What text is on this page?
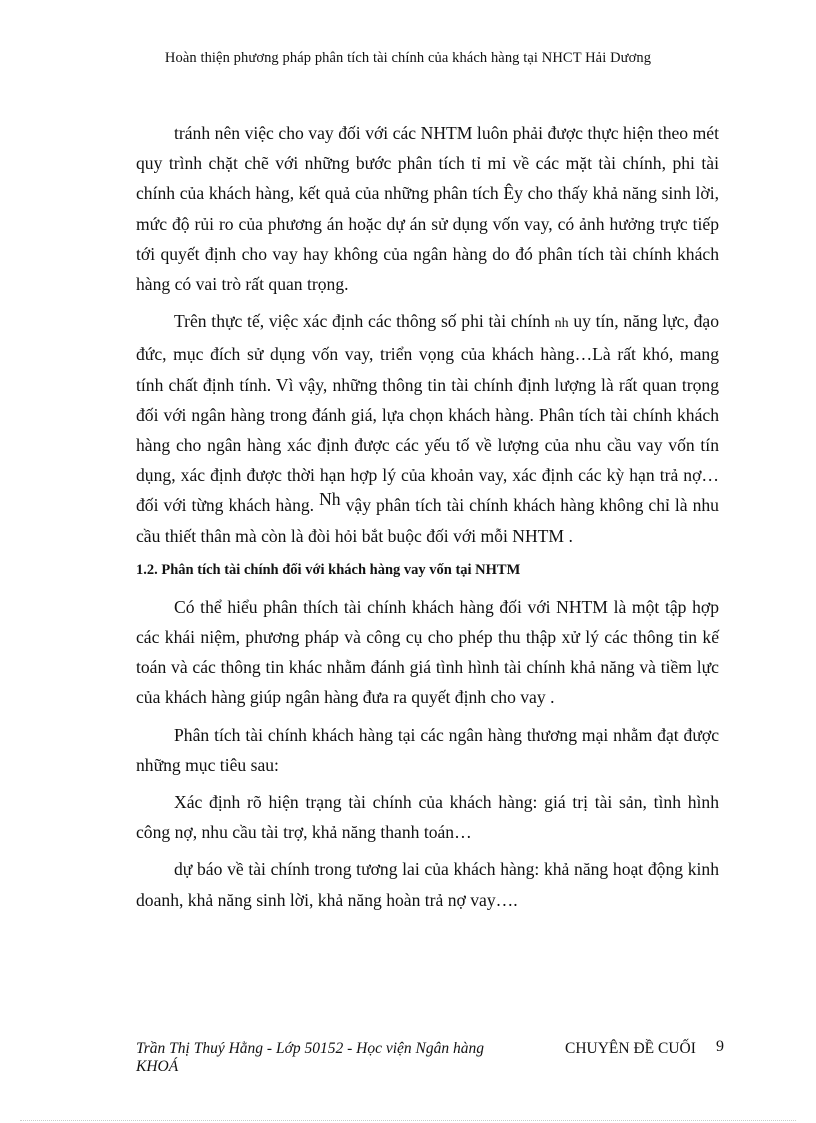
Hoàn thiện phương pháp phân tích tài chính của khách hàng tại NHCT Hải Dương

tránh nên việc cho vay đối với các NHTM luôn phải được thực hiện theo mét quy trình chặt chẽ với những bước phân tích tỉ mỉ về các mặt tài chính, phi tài chính của khách hàng, kết quả của những phân tích Êy cho thấy khả năng sinh lời, mức độ rủi ro của phương án hoặc dự án sử dụng vốn vay, có ảnh hưởng trực tiếp tới quyết định cho vay hay không của ngân hàng do đó phân tích tài chính khách hàng có vai trò rất quan trọng.

Trên thực tế, việc xác định các thông số phi tài chính nh uy tín, năng lực, đạo đức, mục đích sử dụng vốn vay, triển vọng của khách hàng…Là rất khó, mang tính chất định tính. Vì vậy, những thông tin tài chính định lượng là rất quan trọng đối với ngân hàng trong đánh giá, lựa chọn khách hàng. Phân tích tài chính khách hàng cho ngân hàng xác định được các yếu tố về lượng của nhu cầu vay vốn tín dụng, xác định được thời hạn hợp lý của khoản vay, xác định các kỳ hạn trả nợ… đối với từng khách hàng. Nh vậy phân tích tài chính khách hàng không chỉ là nhu cầu thiết thân mà còn là đòi hỏi bắt buộc đối với mỗi NHTM .

1.2. Phân tích tài chính đối với khách hàng vay vốn tại NHTM

Có thể hiểu phân thích tài chính khách hàng đối với NHTM là một tập hợp các khái niệm, phương pháp và công cụ cho phép thu thập xử lý các thông tin kế toán và các thông tin khác nhằm đánh giá tình hình tài chính khả năng và tiềm lực của khách hàng giúp ngân hàng đưa ra quyết định cho vay .

Phân tích tài chính khách hàng tại các ngân hàng thương mại nhằm đạt được những mục tiêu sau:

Xác định rõ hiện trạng tài chính của khách hàng: giá trị tài sản, tình hình công nợ, nhu cầu tài trợ, khả năng thanh toán…

dự báo về tài chính trong tương lai của khách hàng: khả năng hoạt động kinh doanh, khả năng sinh lời, khả năng hoàn trả nợ vay….

Trần Thị Thuý Hằng - Lớp 50152 - Học viện Ngân hàng
KHOÁ
CHUYÊN ĐỀ CUỐI 9
